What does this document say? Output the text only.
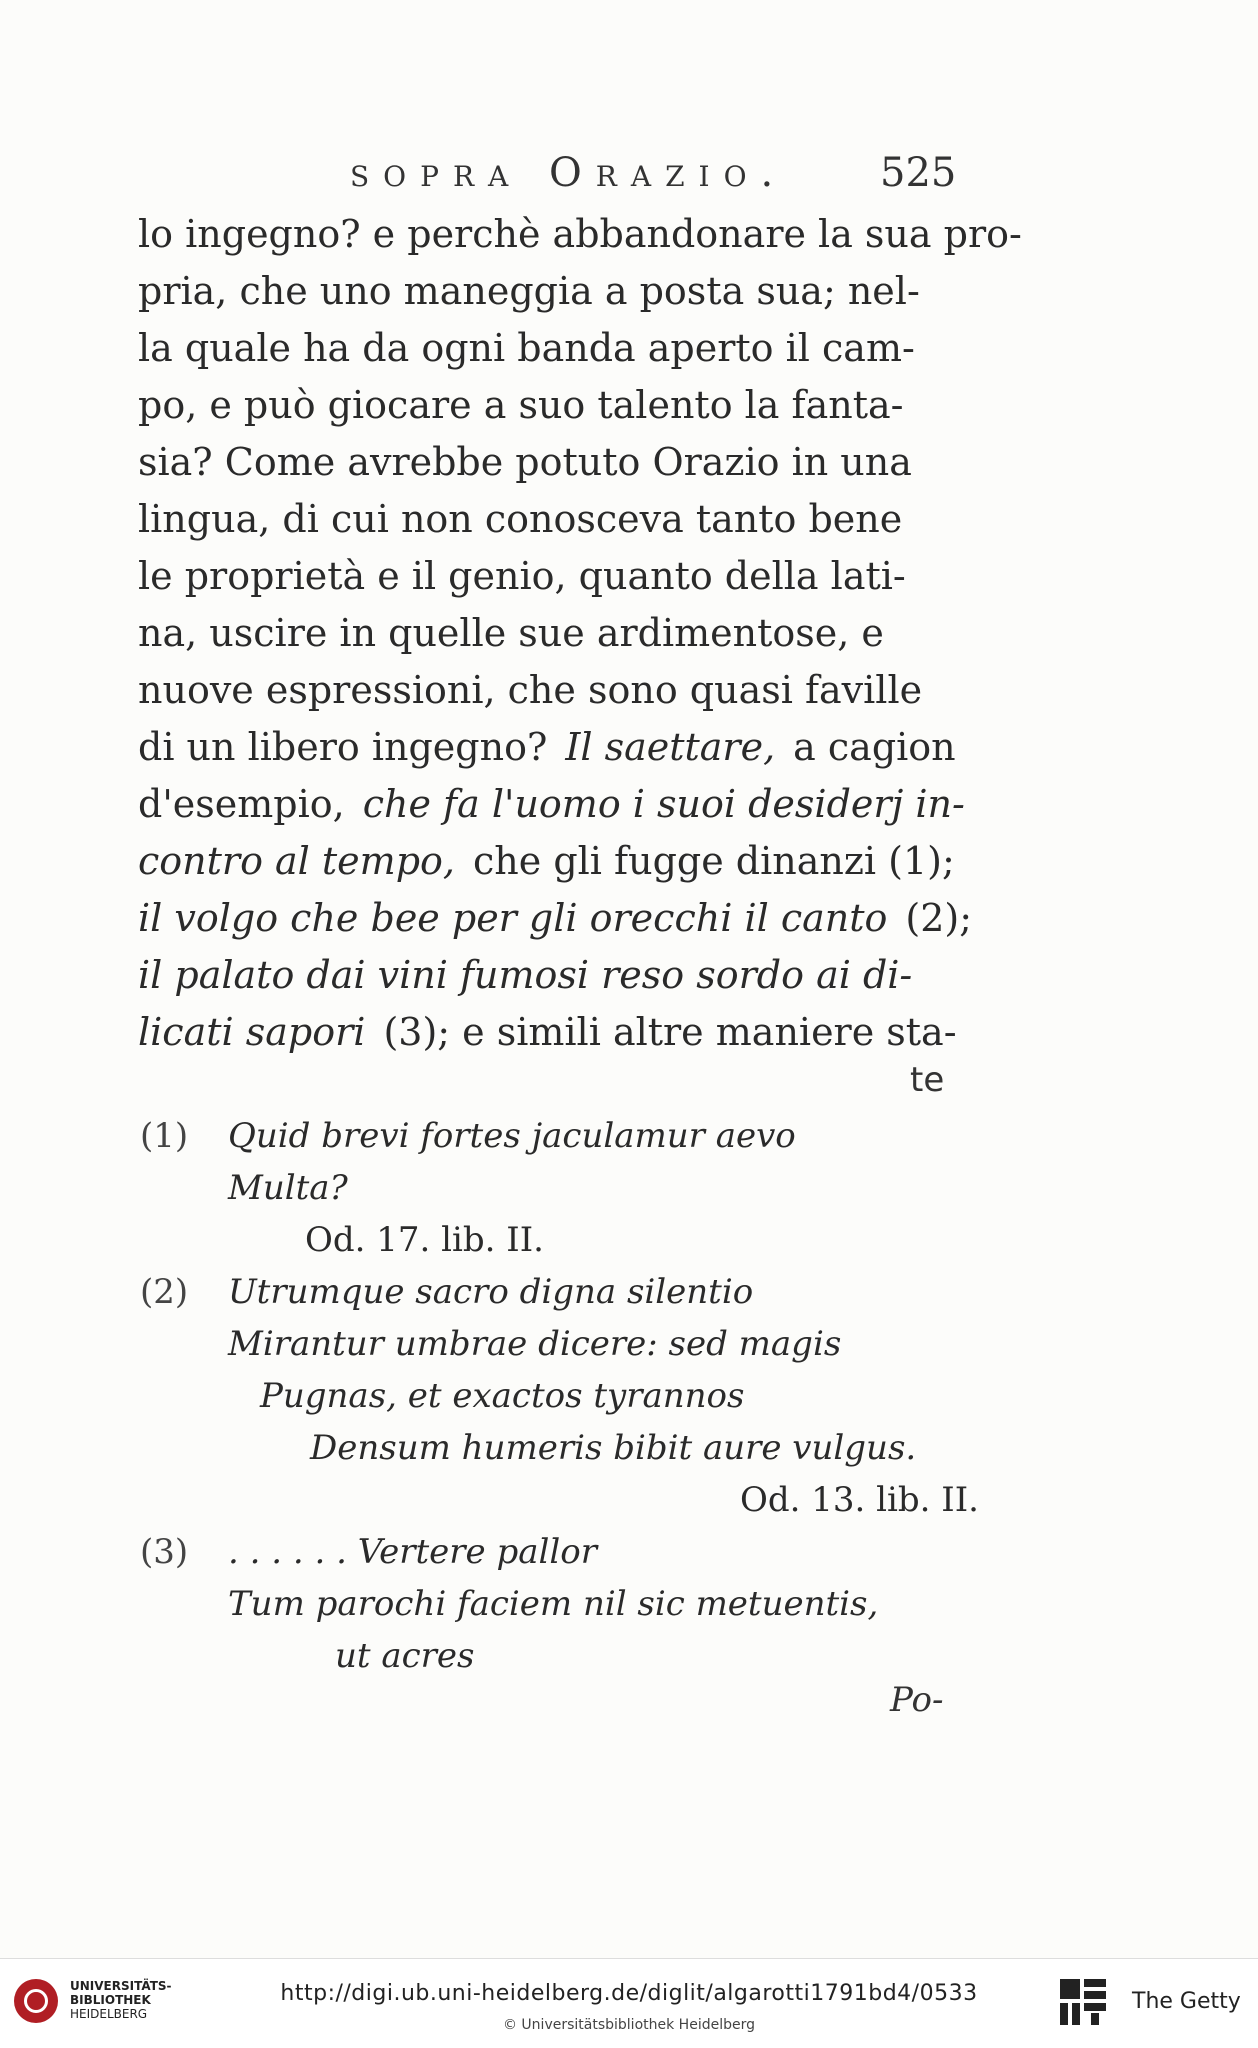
sopra Orazio. 525
lo ingegno? e perchè abbandonare la sua pro-
pria, che uno maneggia a posta sua; nel-
la quale ha da ogni banda aperto il cam-
po, e può giocare a suo talento la fanta-
sia? Come avrebbe potuto Orazio in una
lingua, di cui non conosceva tanto bene
le proprietà e il genio, quanto della lati-
na, uscire in quelle sue ardimentose, e
nuove espressioni, che sono quasi faville
di un libero ingegno? Il saettare, a cagion
d'esempio, che fa l'uomo i suoi desiderj in-
contro al tempo, che gli fugge dinanzi (1);
il volgo che bee per gli orecchi il canto (2);
il palato dai vini fumosi reso sordo ai di-
licati sapori (3); e simili altre maniere sta-
te
(1) Quid brevi fortes jaculamur aevo
Multa?
Od. 17. lib. II.
(2) Utrumque sacro digna silentio
Mirantur umbrae dicere: sed magis
Pugnas, et exactos tyrannos
Densum humeris bibit aure vulgus.
Od. 13. lib. II.
(3) . . . . . . Vertere pallor
Tum parochi faciem nil sic metuentis,
ut acres
Po-
UNIVERSITÄTS-
BIBLIOTHEK
HEIDELBERG
http://digi.ub.uni-heidelberg.de/diglit/algarotti1791bd4/0533
© Universitätsbibliothek Heidelberg
The Getty
